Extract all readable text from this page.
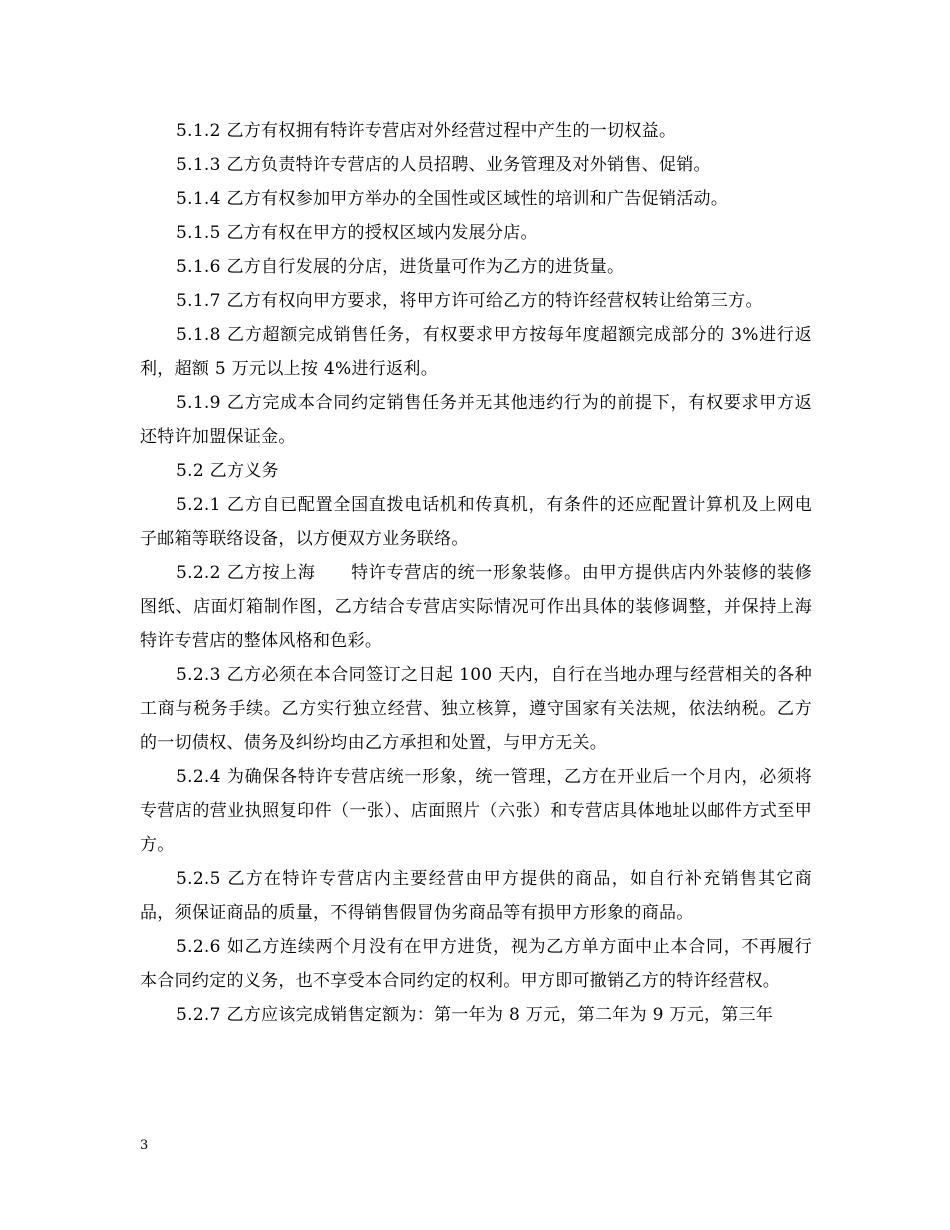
5.1.2 乙方有权拥有特许专营店对外经营过程中产生的一切权益。

5.1.3 乙方负责特许专营店的人员招聘、业务管理及对外销售、促销。

5.1.4 乙方有权参加甲方举办的全国性或区域性的培训和广告促销活动。

5.1.5 乙方有权在甲方的授权区域内发展分店。

5.1.6 乙方自行发展的分店，进货量可作为乙方的进货量。

5.1.7 乙方有权向甲方要求，将甲方许可给乙方的特许经营权转让给第三方。

5.1.8 乙方超额完成销售任务，有权要求甲方按每年度超额完成部分的 3%进行返利，超额 5 万元以上按 4%进行返利。

5.1.9 乙方完成本合同约定销售任务并无其他违约行为的前提下，有权要求甲方返还特许加盟保证金。

5.2 乙方义务

5.2.1 乙方自已配置全国直拨电话机和传真机，有条件的还应配置计算机及上网电子邮箱等联络设备，以方便双方业务联络。

5.2.2 乙方按上海　　特许专营店的统一形象装修。由甲方提供店内外装修的装修图纸、店面灯箱制作图，乙方结合专营店实际情况可作出具体的装修调整，并保持上海　　特许专营店的整体风格和色彩。

5.2.3 乙方必须在本合同签订之日起 100 天内，自行在当地办理与经营相关的各种工商与税务手续。乙方实行独立经营、独立核算，遵守国家有关法规，依法纳税。乙方的一切债权、债务及纠纷均由乙方承担和处置，与甲方无关。

5.2.4 为确保各特许专营店统一形象，统一管理，乙方在开业后一个月内，必须将专营店的营业执照复印件（一张）、店面照片（六张）和专营店具体地址以邮件方式至甲方。

5.2.5 乙方在特许专营店内主要经营由甲方提供的商品，如自行补充销售其它商品，须保证商品的质量，不得销售假冒伪劣商品等有损甲方形象的商品。

5.2.6 如乙方连续两个月没有在甲方进货，视为乙方单方面中止本合同，不再履行本合同约定的义务，也不享受本合同约定的权利。甲方即可撤销乙方的特许经营权。

5.2.7 乙方应该完成销售定额为：第一年为 8 万元，第二年为 9 万元，第三年

3
